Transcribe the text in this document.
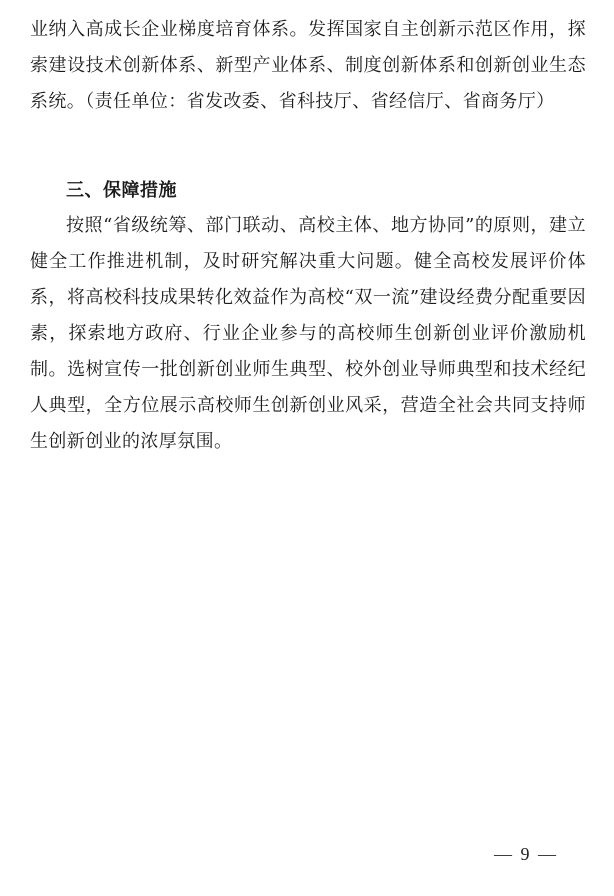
业纳入高成长企业梯度培育体系。发挥国家自主创新示范区作用，探索建设技术创新体系、新型产业体系、制度创新体系和创新创业生态系统。（责任单位：省发改委、省科技厅、省经信厅、省商务厅）
三、保障措施
按照“省级统筹、部门联动、高校主体、地方协同”的原则，建立健全工作推进机制，及时研究解决重大问题。健全高校发展评价体系，将高校科技成果转化效益作为高校“双一流”建设经费分配重要因素，探索地方政府、行业企业参与的高校师生创新创业评价激励机制。选树宣传一批创新创业师生典型、校外创业导师典型和技术经纪人典型，全方位展示高校师生创新创业风采，营造全社会共同支持师生创新创业的浓厚氛围。
— 9 —
